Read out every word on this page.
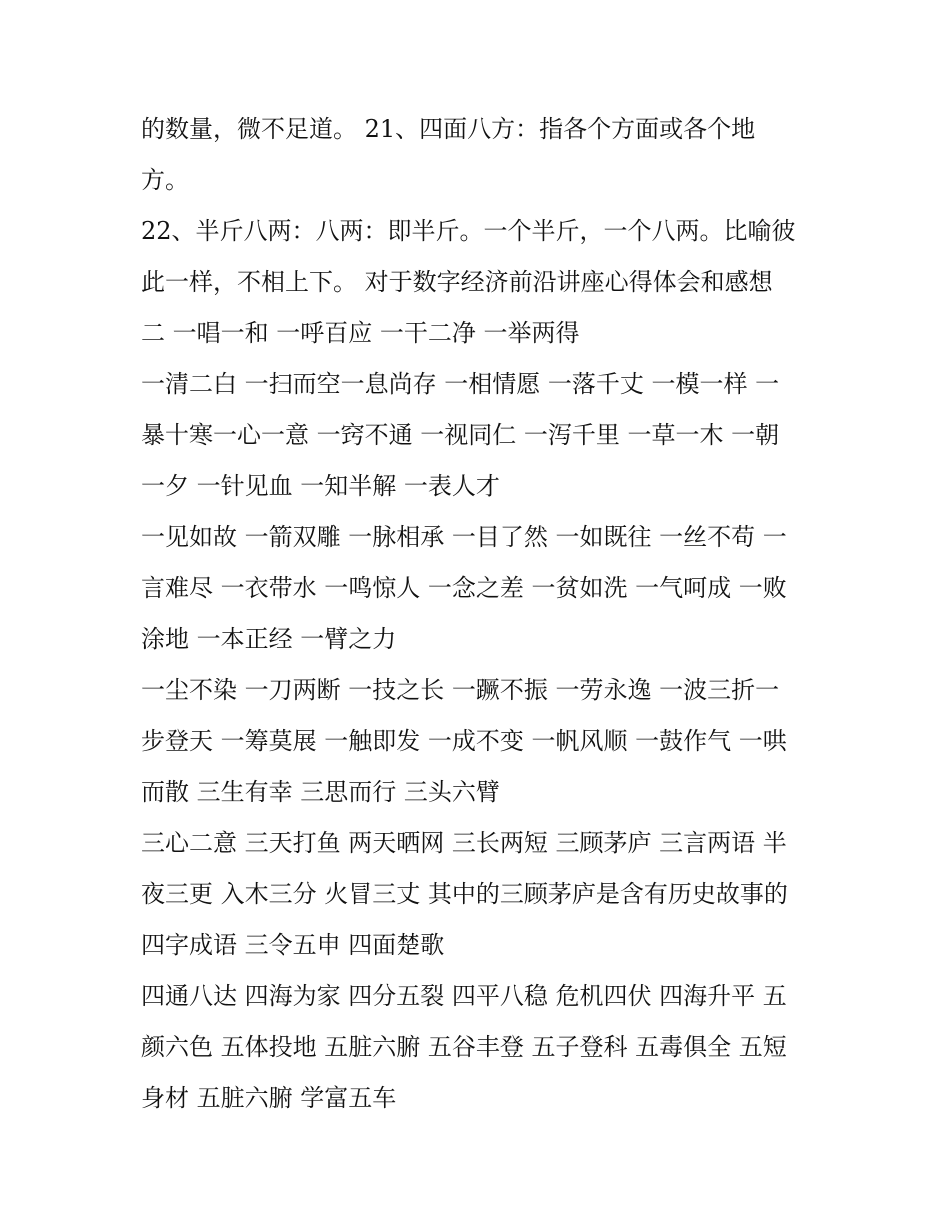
的数量，微不足道。 21、四面八方：指各个方面或各个地
方。
22、半斤八两：八两：即半斤。一个半斤，一个八两。比喻彼
此一样，不相上下。 对于数字经济前沿讲座心得体会和感想
二 一唱一和 一呼百应 一干二净 一举两得
一清二白 一扫而空一息尚存 一相情愿 一落千丈 一模一样 一
暴十寒一心一意 一窍不通 一视同仁 一泻千里 一草一木 一朝
一夕 一针见血 一知半解 一表人才
一见如故 一箭双雕 一脉相承 一目了然 一如既往 一丝不苟 一
言难尽 一衣带水 一鸣惊人 一念之差 一贫如洗 一气呵成 一败
涂地 一本正经 一臂之力
一尘不染 一刀两断 一技之长 一蹶不振 一劳永逸 一波三折一
步登天 一筹莫展 一触即发 一成不变 一帆风顺 一鼓作气 一哄
而散 三生有幸 三思而行 三头六臂
三心二意 三天打鱼 两天晒网 三长两短 三顾茅庐 三言两语 半
夜三更 入木三分 火冒三丈 其中的三顾茅庐是含有历史故事的
四字成语 三令五申 四面楚歌
四通八达 四海为家 四分五裂 四平八稳 危机四伏 四海升平 五
颜六色 五体投地 五脏六腑 五谷丰登 五子登科 五毒俱全 五短
身材 五脏六腑 学富五车
